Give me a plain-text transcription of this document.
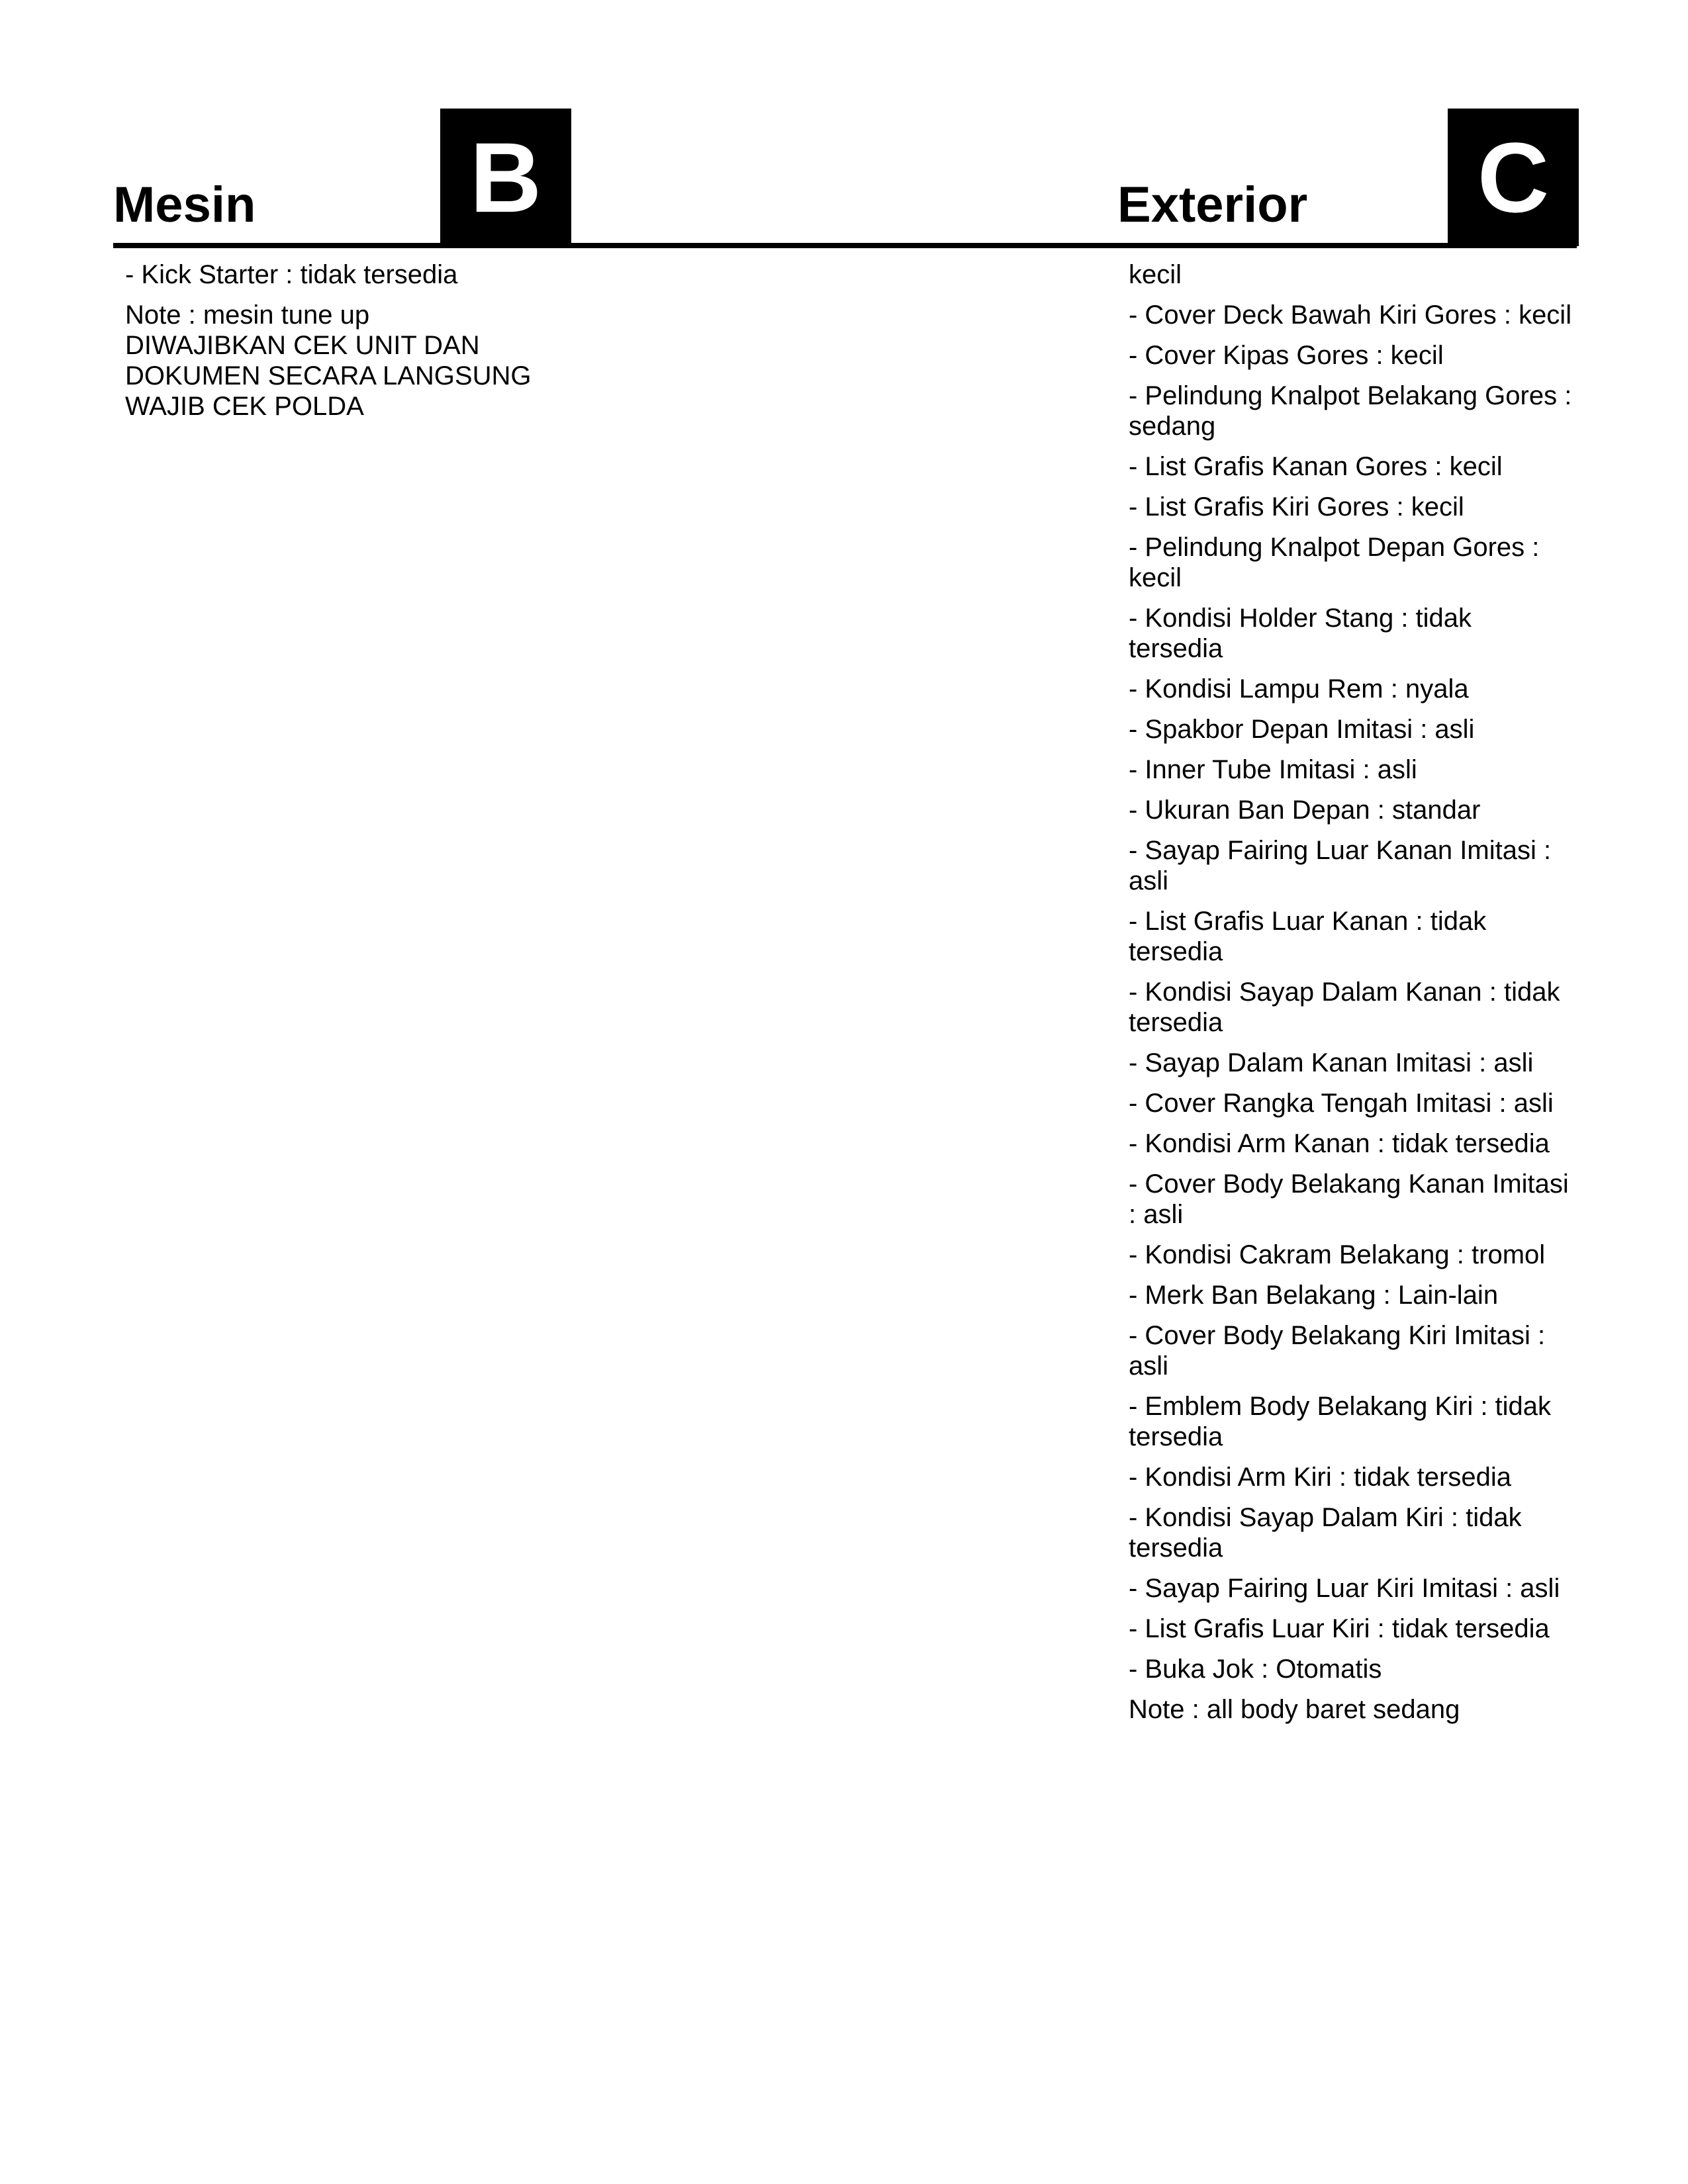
Mesin B	Exterior C
- Kick Starter : tidak tersedia
Note : mesin tune up
DIWAJIBKAN CEK UNIT DAN
DOKUMEN SECARA LANGSUNG
WAJIB CEK POLDA
kecil
- Cover Deck Bawah Kiri Gores : kecil
- Cover Kipas Gores : kecil
- Pelindung Knalpot Belakang Gores : sedang
- List Grafis Kanan Gores : kecil
- List Grafis Kiri Gores : kecil
- Pelindung Knalpot Depan Gores : kecil
- Kondisi Holder Stang : tidak tersedia
- Kondisi Lampu Rem : nyala
- Spakbor Depan Imitasi : asli
- Inner Tube Imitasi : asli
- Ukuran Ban Depan : standar
- Sayap Fairing Luar Kanan Imitasi : asli
- List Grafis Luar Kanan : tidak tersedia
- Kondisi Sayap Dalam Kanan : tidak tersedia
- Sayap Dalam Kanan Imitasi : asli
- Cover Rangka Tengah Imitasi : asli
- Kondisi Arm Kanan : tidak tersedia
- Cover Body Belakang Kanan Imitasi : asli
- Kondisi Cakram Belakang : tromol
- Merk Ban Belakang : Lain-lain
- Cover Body Belakang Kiri Imitasi : asli
- Emblem Body Belakang Kiri : tidak tersedia
- Kondisi Arm Kiri : tidak tersedia
- Kondisi Sayap Dalam Kiri : tidak tersedia
- Sayap Fairing Luar Kiri Imitasi : asli
- List Grafis Luar Kiri : tidak tersedia
- Buka Jok : Otomatis
Note : all body baret sedang
